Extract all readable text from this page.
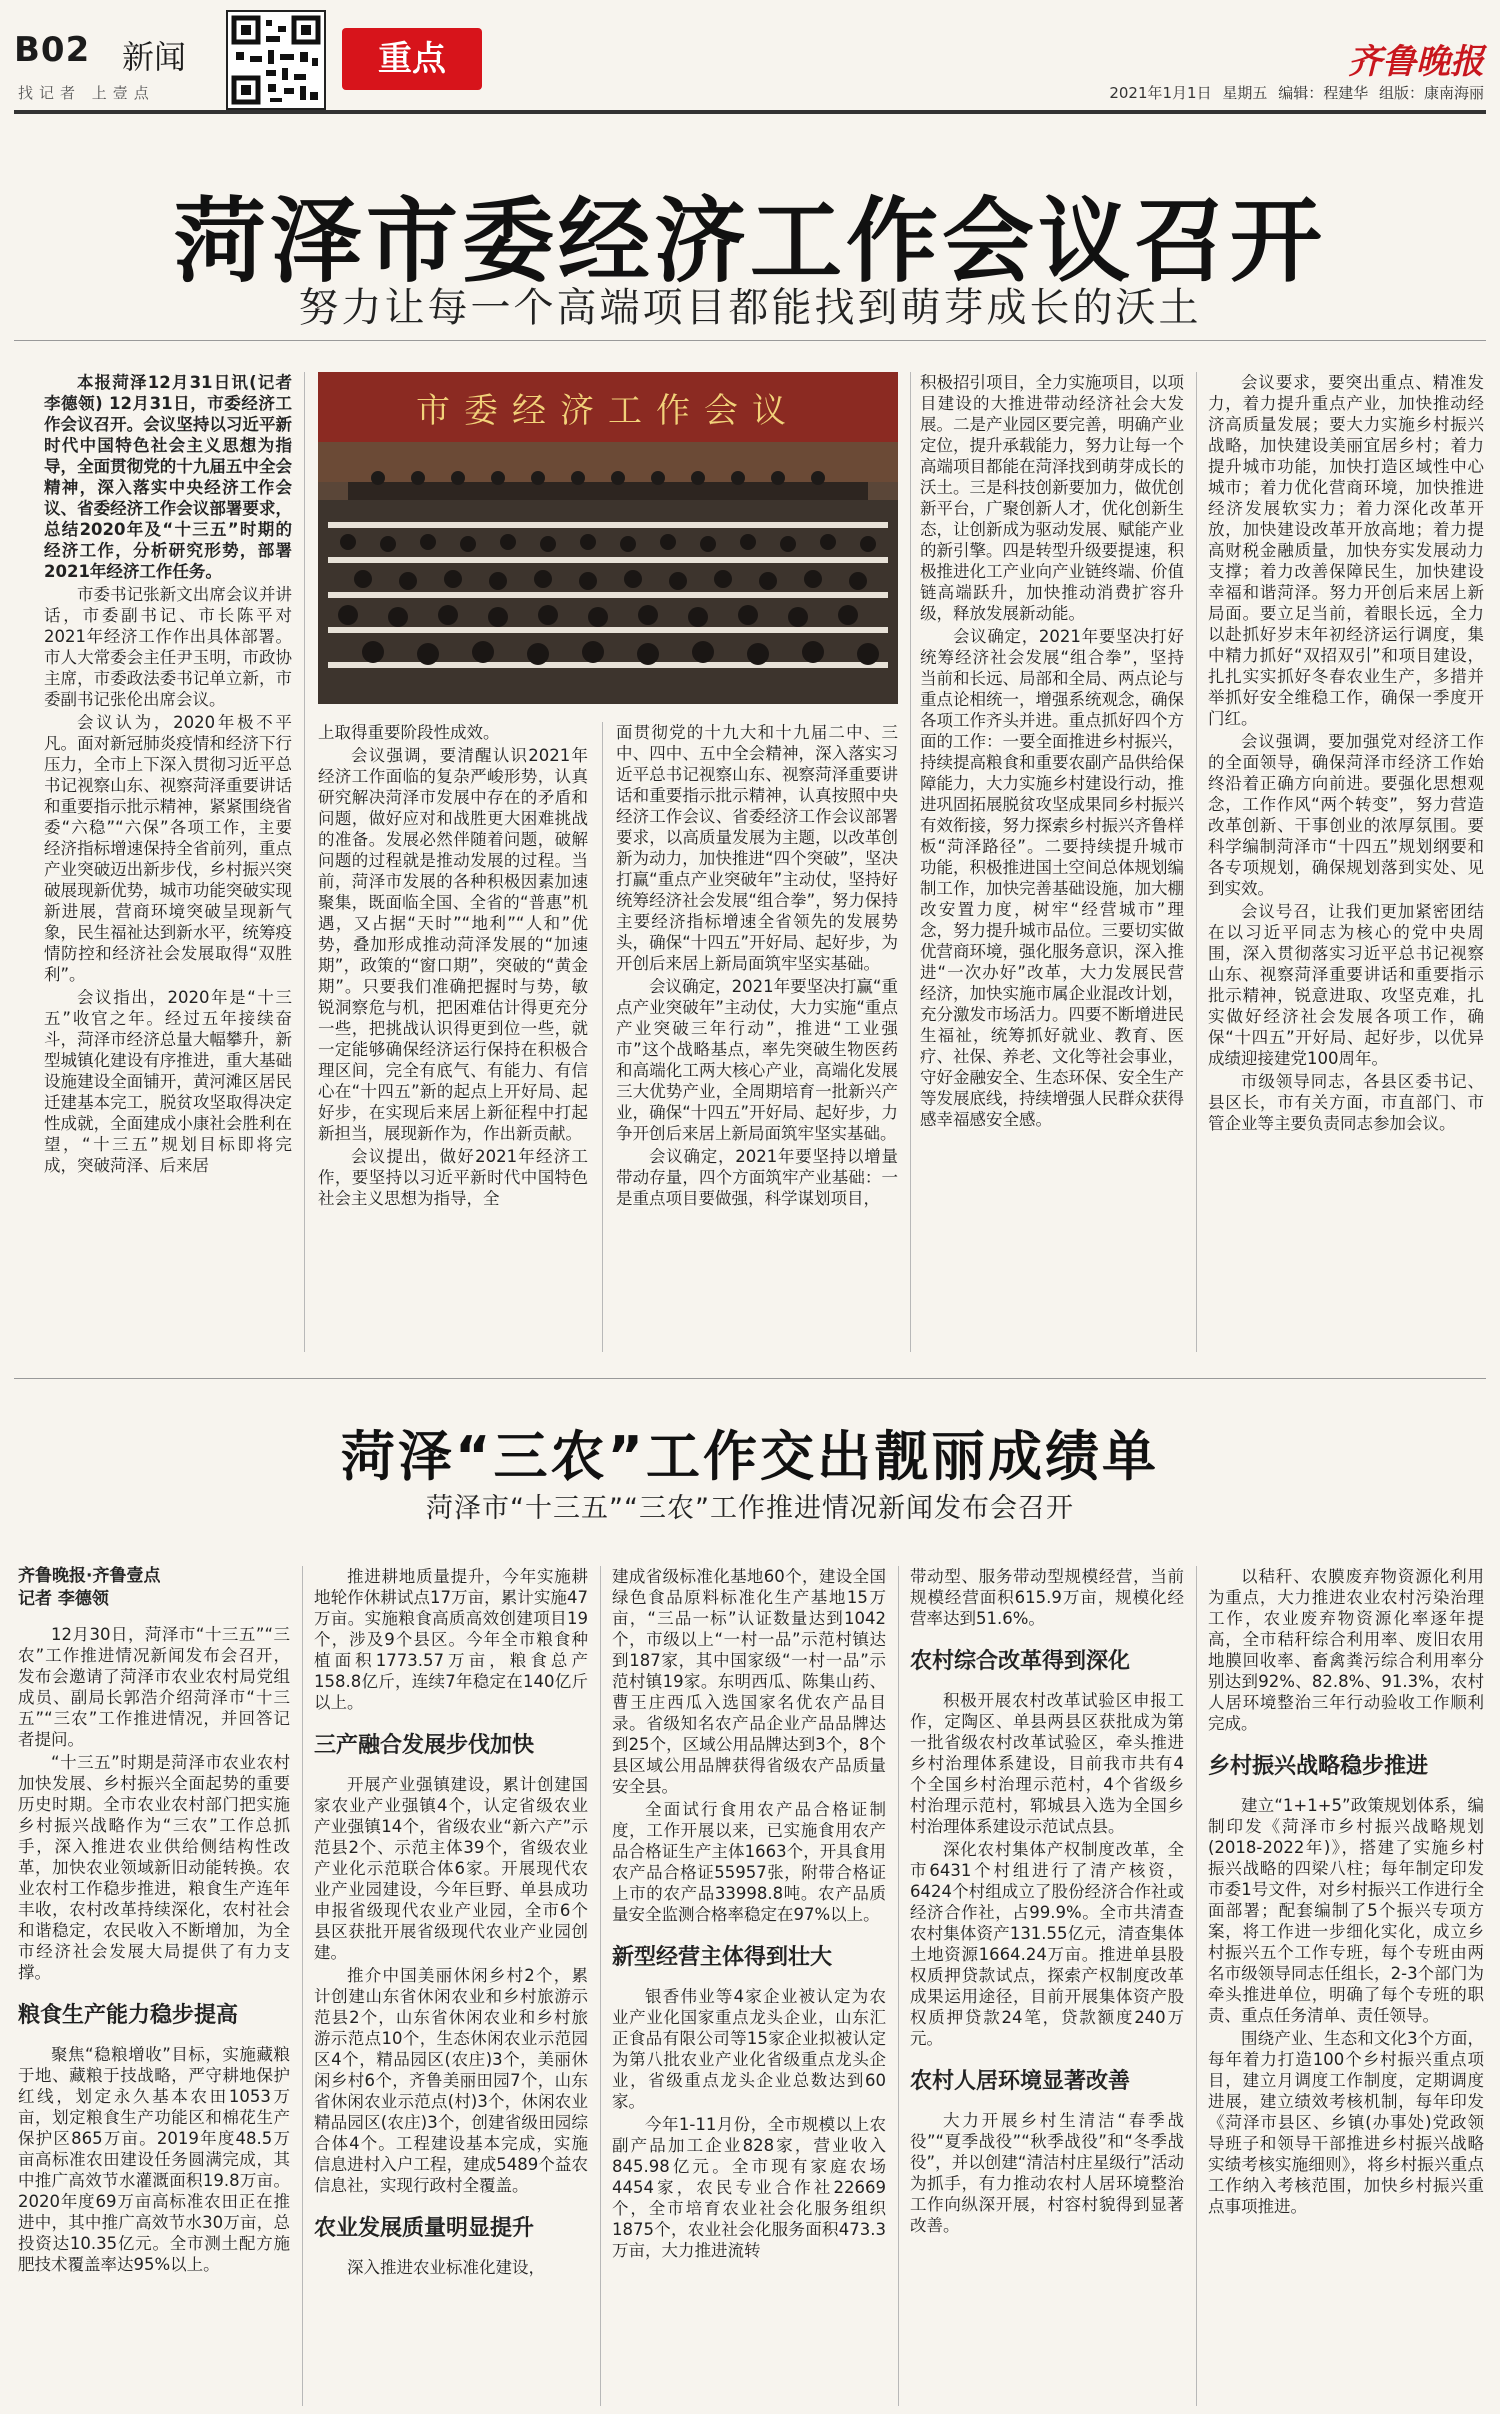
B02 新闻
找记者 上壹点
重点	齐鲁晚报
2021年1月1日 星期五 编辑：程建华 组版：康南海丽
菏泽市委经济工作会议召开
努力让每一个高端项目都能找到萌芽成长的沃土

本报菏泽12月31日讯(记者 李德领) 12月31日，市委经济工作会议召开。会议坚持以习近平新时代中国特色社会主义思想为指导，全面贯彻党的十九届五中全会精神，深入落实中央经济工作会议、省委经济工作会议部署要求，总结2020年及“十三五”时期的经济工作，分析研究形势，部署2021年经济工作任务。

市委书记张新文出席会议并讲话，市委副书记、市长陈平对2021年经济工作作出具体部署。市人大常委会主任尹玉明，市政协主席，市委政法委书记单立新，市委副书记张伦出席会议。

会议认为，2020年极不平凡。面对新冠肺炎疫情和经济下行压力，全市上下深入贯彻习近平总书记视察山东、视察菏泽重要讲话和重要指示批示精神，紧紧围绕省委“六稳”“六保”各项工作，主要经济指标增速保持全省前列，重点产业突破迈出新步伐，乡村振兴突破展现新优势，城市功能突破实现新进展，营商环境突破呈现新气象，民生福祉达到新水平，统筹疫情防控和经济社会发展取得“双胜利”。

会议指出，2020年是“十三五”收官之年。经过五年接续奋斗，菏泽市经济总量大幅攀升，新型城镇化建设有序推进，重大基础设施建设全面铺开，黄河滩区居民迁建基本完工，脱贫攻坚取得决定性成就，全面建成小康社会胜利在望，“十三五”规划目标即将完成，突破菏泽、后来居

市委经济工作会议

上取得重要阶段性成效。

会议强调，要清醒认识2021年经济工作面临的复杂严峻形势，认真研究解决菏泽市发展中存在的矛盾和问题，做好应对和战胜更大困难挑战的准备。发展必然伴随着问题，破解问题的过程就是推动发展的过程。当前，菏泽市发展的各种积极因素加速聚集，既面临全国、全省的“普惠”机遇，又占据“天时”“地利”“人和”优势，叠加形成推动菏泽发展的“加速期”，政策的“窗口期”，突破的“黄金期”。只要我们准确把握时与势，敏锐洞察危与机，把困难估计得更充分一些，把挑战认识得更到位一些，就一定能够确保经济运行保持在积极合理区间，完全有底气、有能力、有信心在“十四五”新的起点上开好局、起好步，在实现后来居上新征程中打起新担当，展现新作为，作出新贡献。

会议提出，做好2021年经济工作，要坚持以习近平新时代中国特色社会主义思想为指导，全

面贯彻党的十九大和十九届二中、三中、四中、五中全会精神，深入落实习近平总书记视察山东、视察菏泽重要讲话和重要指示批示精神，认真按照中央经济工作会议、省委经济工作会议部署要求，以高质量发展为主题，以改革创新为动力，加快推进“四个突破”，坚决打赢“重点产业突破年”主动仗，坚持好统筹经济社会发展“组合拳”，努力保持主要经济指标增速全省领先的发展势头，确保“十四五”开好局、起好步，为开创后来居上新局面筑牢坚实基础。

会议确定，2021年要坚决打赢“重点产业突破年”主动仗，大力实施“重点产业突破三年行动”，推进“工业强市”这个战略基点，率先突破生物医药和高端化工两大核心产业，高端化发展三大优势产业，全周期培育一批新兴产业，确保“十四五”开好局、起好步，力争开创后来居上新局面筑牢坚实基础。

会议确定，2021年要坚持以增量带动存量，四个方面筑牢产业基础：一是重点项目要做强，科学谋划项目，

积极招引项目，全力实施项目，以项目建设的大推进带动经济社会大发展。二是产业园区要完善，明确产业定位，提升承载能力，努力让每一个高端项目都能在菏泽找到萌芽成长的沃土。三是科技创新要加力，做优创新平台，广聚创新人才，优化创新生态，让创新成为驱动发展、赋能产业的新引擎。四是转型升级要提速，积极推进化工产业向产业链终端、价值链高端跃升，加快推动消费扩容升级，释放发展新动能。

会议确定，2021年要坚决打好统筹经济社会发展“组合拳”，坚持当前和长远、局部和全局、两点论与重点论相统一，增强系统观念，确保各项工作齐头并进。重点抓好四个方面的工作：一要全面推进乡村振兴，持续提高粮食和重要农副产品供给保障能力，大力实施乡村建设行动，推进巩固拓展脱贫攻坚成果同乡村振兴有效衔接，努力探索乡村振兴齐鲁样板“菏泽路径”。二要持续提升城市功能，积极推进国土空间总体规划编制工作，加快完善基础设施，加大棚改安置力度，树牢“经营城市”理念，努力提升城市品位。三要切实做优营商环境，强化服务意识，深入推进“一次办好”改革，大力发展民营经济，加快实施市属企业混改计划，充分激发市场活力。四要不断增进民生福祉，统筹抓好就业、教育、医疗、社保、养老、文化等社会事业，守好金融安全、生态环保、安全生产等发展底线，持续增强人民群众获得感幸福感安全感。

会议要求，要突出重点、精准发力，着力提升重点产业，加快推动经济高质量发展；要大力实施乡村振兴战略，加快建设美丽宜居乡村；着力提升城市功能，加快打造区域性中心城市；着力优化营商环境，加快推进经济发展软实力；着力深化改革开放，加快建设改革开放高地；着力提高财税金融质量，加快夯实发展动力支撑；着力改善保障民生，加快建设幸福和谐菏泽。努力开创后来居上新局面。要立足当前，着眼长远，全力以赴抓好岁末年初经济运行调度，集中精力抓好“双招双引”和项目建设，扎扎实实抓好冬春农业生产，多措并举抓好安全维稳工作，确保一季度开门红。

会议强调，要加强党对经济工作的全面领导，确保菏泽市经济工作始终沿着正确方向前进。要强化思想观念，工作作风“两个转变”，努力营造改革创新、干事创业的浓厚氛围。要科学编制菏泽市“十四五”规划纲要和各专项规划，确保规划落到实处、见到实效。

会议号召，让我们更加紧密团结在以习近平同志为核心的党中央周围，深入贯彻落实习近平总书记视察山东、视察菏泽重要讲话和重要指示批示精神，锐意进取、攻坚克难，扎实做好经济社会发展各项工作，确保“十四五”开好局、起好步，以优异成绩迎接建党100周年。

市级领导同志，各县区委书记、县区长，市有关方面，市直部门、市管企业等主要负责同志参加会议。

菏泽“三农”工作交出靓丽成绩单
菏泽市“十三五”“三农”工作推进情况新闻发布会召开

齐鲁晚报·齐鲁壹点

记者 李德领

12月30日，菏泽市“十三五”“三农”工作推进情况新闻发布会召开，发布会邀请了菏泽市农业农村局党组成员、副局长郭浩介绍菏泽市“十三五”“三农”工作推进情况，并回答记者提问。

“十三五”时期是菏泽市农业农村加快发展、乡村振兴全面起势的重要历史时期。全市农业农村部门把实施乡村振兴战略作为“三农”工作总抓手，深入推进农业供给侧结构性改革，加快农业领域新旧动能转换。农业农村工作稳步推进，粮食生产连年丰收，农村改革持续深化，农村社会和谐稳定，农民收入不断增加，为全市经济社会发展大局提供了有力支撑。

粮食生产能力稳步提高

聚焦“稳粮增收”目标，实施藏粮于地、藏粮于技战略，严守耕地保护红线，划定永久基本农田1053万亩，划定粮食生产功能区和棉花生产保护区865万亩。2019年度48.5万亩高标准农田建设任务圆满完成，其中推广高效节水灌溉面积19.8万亩。2020年度69万亩高标准农田正在推进中，其中推广高效节水30万亩，总投资达10.35亿元。全市测土配方施肥技术覆盖率达95%以上。

推进耕地质量提升，今年实施耕地轮作休耕试点17万亩，累计实施47万亩。实施粮食高质高效创建项目19个，涉及9个县区。今年全市粮食种植面积1773.57万亩，粮食总产158.8亿斤，连续7年稳定在140亿斤以上。

三产融合发展步伐加快

开展产业强镇建设，累计创建国家农业产业强镇4个，认定省级农业产业强镇14个，省级农业“新六产”示范县2个、示范主体39个，省级农业产业化示范联合体6家。开展现代农业产业园建设，今年巨野、单县成功申报省级现代农业产业园，全市6个县区获批开展省级现代农业产业园创建。

推介中国美丽休闲乡村2个，累计创建山东省休闲农业和乡村旅游示范县2个，山东省休闲农业和乡村旅游示范点10个，生态休闲农业示范园区4个，精品园区(农庄)3个，美丽休闲乡村6个，齐鲁美丽田园7个，山东省休闲农业示范点(村)3个，休闲农业精品园区(农庄)3个，创建省级田园综合体4个。工程建设基本完成，实施信息进村入户工程，建成5489个益农信息社，实现行政村全覆盖。

农业发展质量明显提升

深入推进农业标准化建设，

建成省级标准化基地60个，建设全国绿色食品原料标准化生产基地15万亩，“三品一标”认证数量达到1042个，市级以上“一村一品”示范村镇达到187家，其中国家级“一村一品”示范村镇19家。东明西瓜、陈集山药、曹王庄西瓜入选国家名优农产品目录。省级知名农产品企业产品品牌达到25个，区域公用品牌达到3个，8个县区域公用品牌获得省级农产品质量安全县。

全面试行食用农产品合格证制度，工作开展以来，已实施食用农产品合格证生产主体1663个，开具食用农产品合格证55957张，附带合格证上市的农产品33998.8吨。农产品质量安全监测合格率稳定在97%以上。

新型经营主体得到壮大

银香伟业等4家企业被认定为农业产业化国家重点龙头企业，山东汇正食品有限公司等15家企业拟被认定为第八批农业产业化省级重点龙头企业，省级重点龙头企业总数达到60家。

今年1-11月份，全市规模以上农副产品加工企业828家，营业收入845.98亿元。全市现有家庭农场4454家，农民专业合作社22669个，全市培育农业社会化服务组织1875个，农业社会化服务面积473.3万亩，大力推进流转

带动型、服务带动型规模经营，当前规模经营面积615.9万亩，规模化经营率达到51.6%。

农村综合改革得到深化

积极开展农村改革试验区申报工作，定陶区、单县两县区获批成为第一批省级农村改革试验区，牵头推进乡村治理体系建设，目前我市共有4个全国乡村治理示范村，4个省级乡村治理示范村，郓城县入选为全国乡村治理体系建设示范试点县。

深化农村集体产权制度改革，全市6431个村组进行了清产核资，6424个村组成立了股份经济合作社或经济合作社，占99.9%。全市共清查农村集体资产131.55亿元，清查集体土地资源1664.24万亩。推进单县股权质押贷款试点，探索产权制度改革成果运用途径，目前开展集体资产股权质押贷款24笔，贷款额度240万元。

农村人居环境显著改善

大力开展乡村生清洁“春季战役”“夏季战役”“秋季战役”和“冬季战役”，并以创建“清洁村庄星级行”活动为抓手，有力推动农村人居环境整治工作向纵深开展，村容村貌得到显著改善。

以秸秆、农膜废弃物资源化利用为重点，大力推进农业农村污染治理工作，农业废弃物资源化率逐年提高，全市秸秆综合利用率、废旧农用地膜回收率、畜禽粪污综合利用率分别达到92%、82.8%、91.3%，农村人居环境整治三年行动验收工作顺利完成。

乡村振兴战略稳步推进

建立“1+1+5”政策规划体系，编制印发《菏泽市乡村振兴战略规划(2018-2022年)》，搭建了实施乡村振兴战略的四梁八柱；每年制定印发市委1号文件，对乡村振兴工作进行全面部署；配套编制了5个振兴专项方案，将工作进一步细化实化，成立乡村振兴五个工作专班，每个专班由两名市级领导同志任组长，2-3个部门为牵头推进单位，明确了每个专班的职责、重点任务清单、责任领导。

围绕产业、生态和文化3个方面，每年着力打造100个乡村振兴重点项目，建立月调度工作制度，定期调度进展，建立绩效考核机制，每年印发《菏泽市县区、乡镇(办事处)党政领导班子和领导干部推进乡村振兴战略实绩考核实施细则》，将乡村振兴重点工作纳入考核范围，加快乡村振兴重点事项推进。
